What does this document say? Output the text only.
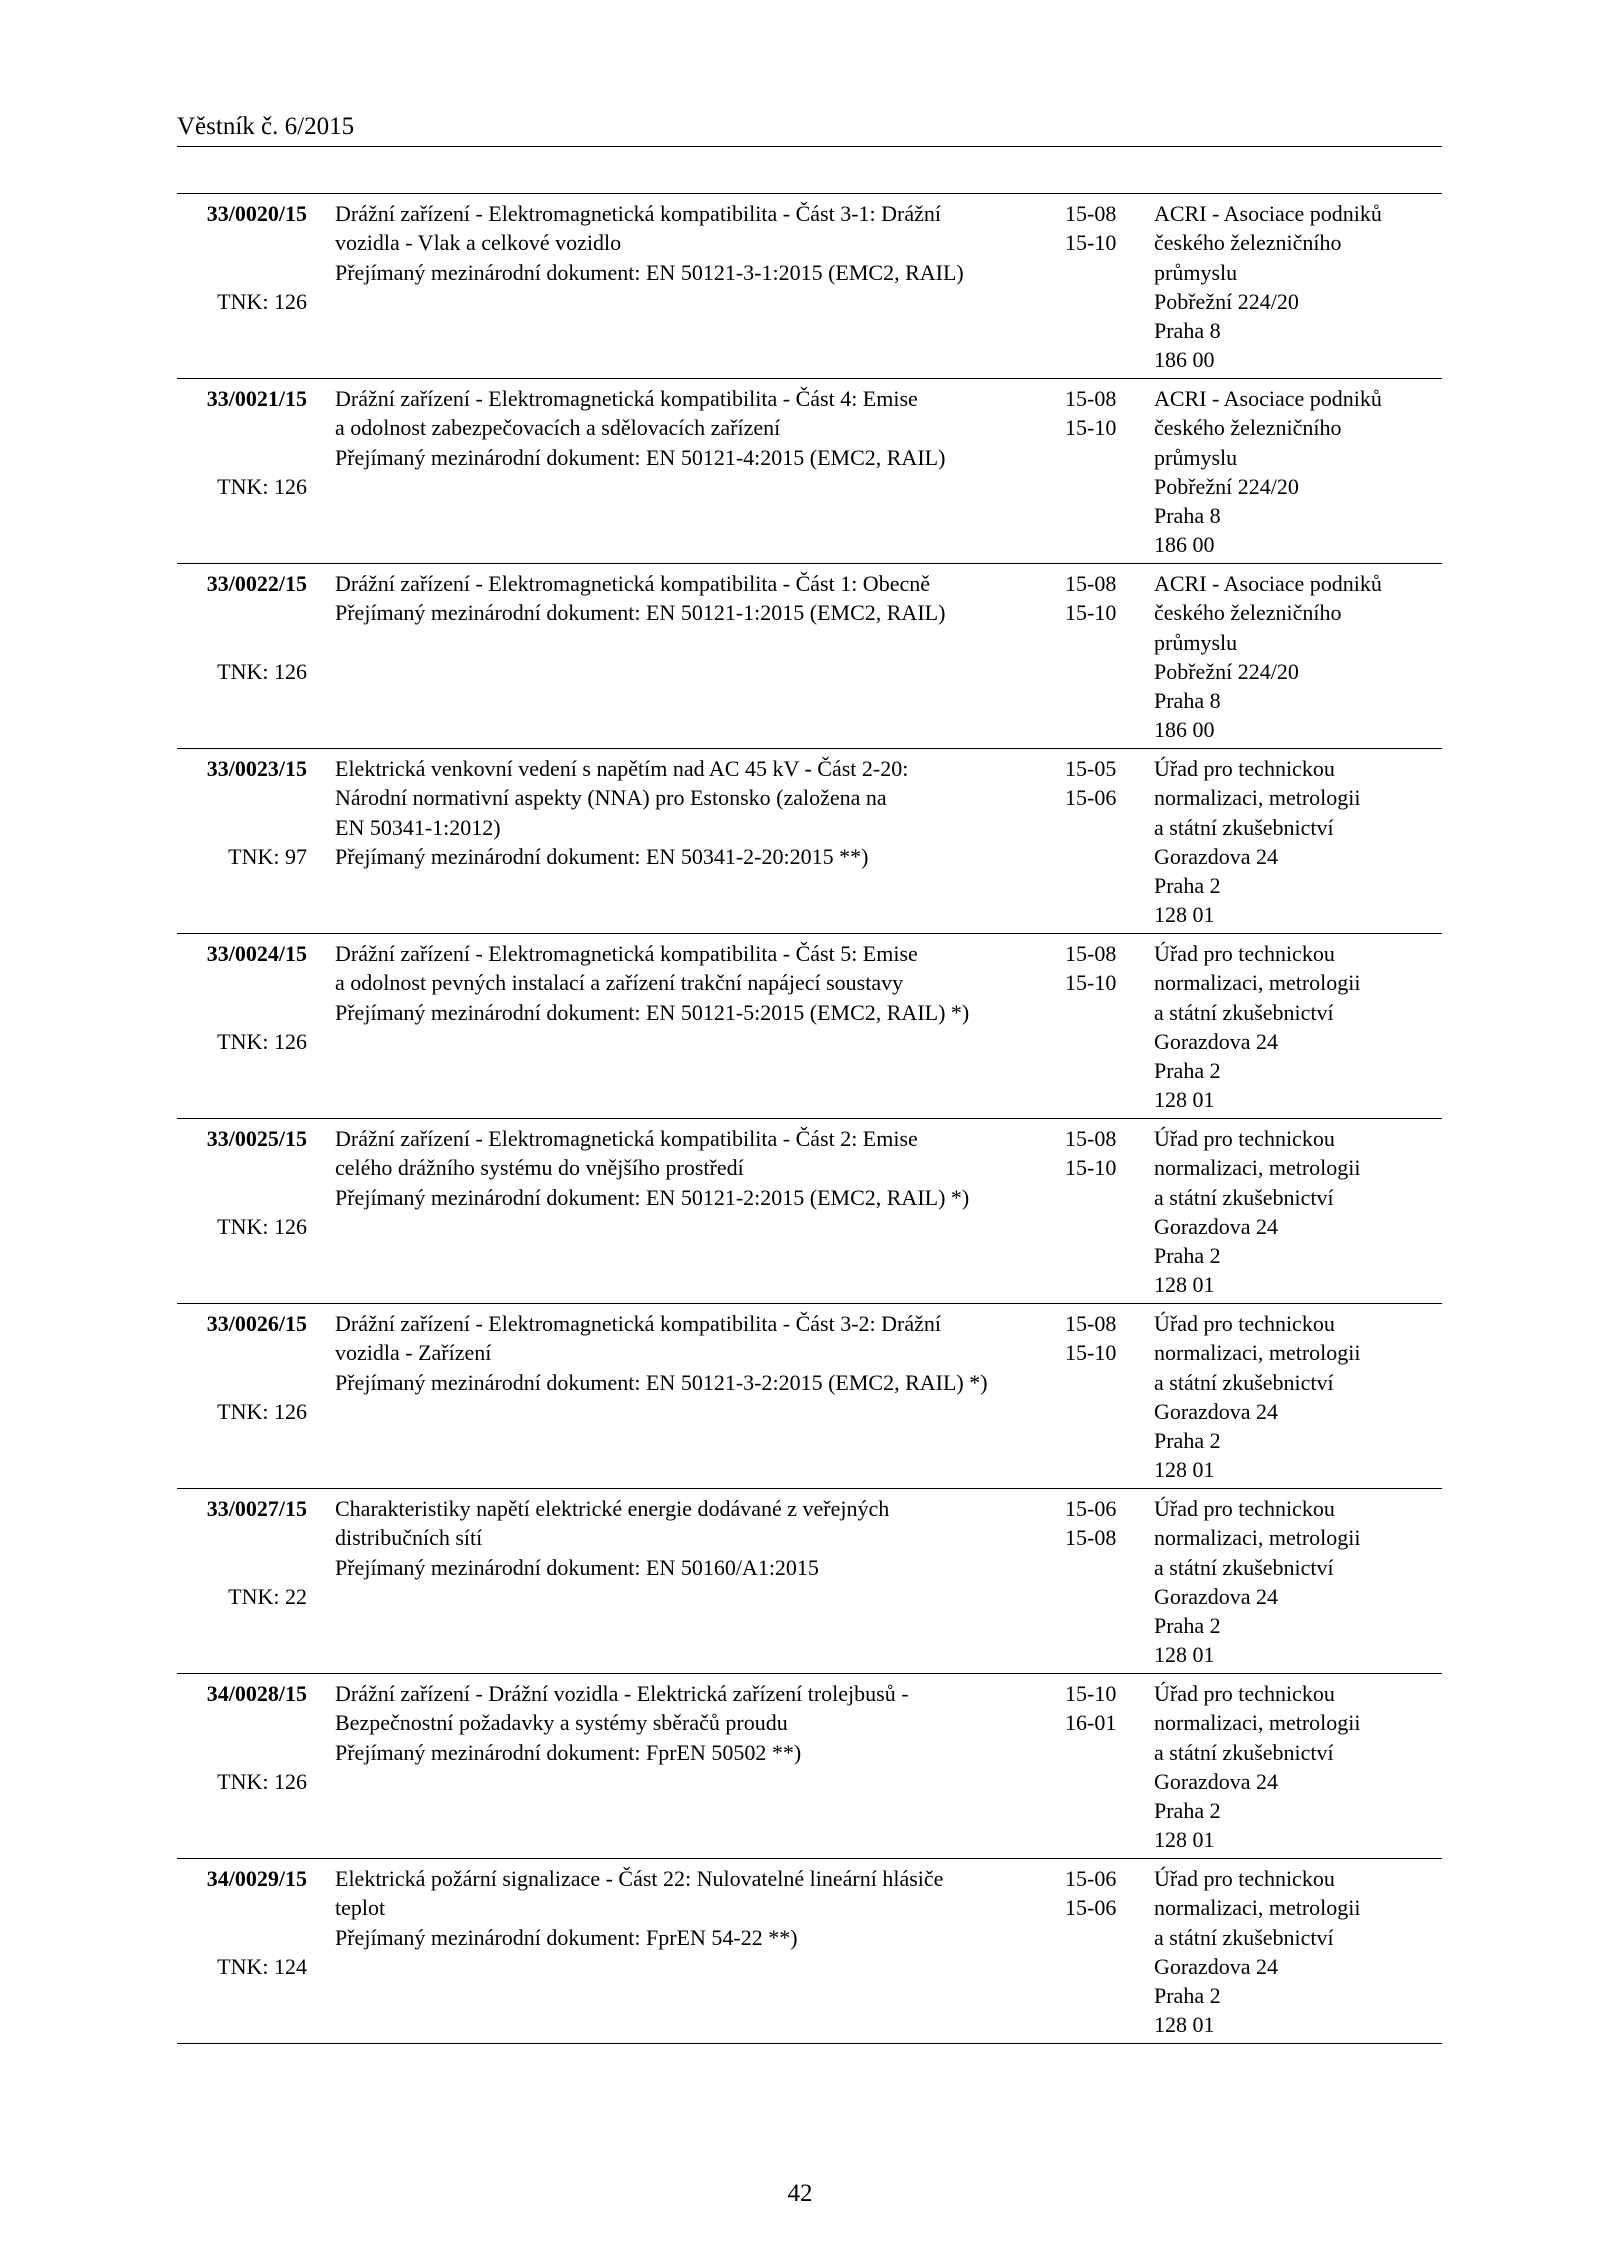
Věstník č. 6/2015
33/0020/15
TNK: 126
Drážní zařízení - Elektromagnetická kompatibilita - Část 3-1: Drážní
vozidla - Vlak a celkové vozidlo
Přejímaný mezinárodní dokument: EN 50121-3-1:2015 (EMC2, RAIL)
15-08
15-10
ACRI - Asociace podniků
českého železničního
průmyslu
Pobřežní 224/20
Praha 8
186 00
33/0021/15
TNK: 126
Drážní zařízení - Elektromagnetická kompatibilita - Část 4: Emise
a odolnost zabezpečovacích a sdělovacích zařízení
Přejímaný mezinárodní dokument: EN 50121-4:2015 (EMC2, RAIL)
15-08
15-10
ACRI - Asociace podniků
českého železničního
průmyslu
Pobřežní 224/20
Praha 8
186 00
33/0022/15
TNK: 126
Drážní zařízení - Elektromagnetická kompatibilita - Část 1: Obecně
Přejímaný mezinárodní dokument: EN 50121-1:2015 (EMC2, RAIL)
15-08
15-10
ACRI - Asociace podniků
českého železničního
průmyslu
Pobřežní 224/20
Praha 8
186 00
33/0023/15
TNK: 97
Elektrická venkovní vedení s napětím nad AC 45 kV - Část 2-20:
Národní normativní aspekty (NNA) pro Estonsko (založena na
EN 50341-1:2012)
Přejímaný mezinárodní dokument: EN 50341-2-20:2015 **)
15-05
15-06
Úřad pro technickou
normalizaci, metrologii
a státní zkušebnictví
Gorazdova 24
Praha 2
128 01
33/0024/15
TNK: 126
Drážní zařízení - Elektromagnetická kompatibilita - Část 5: Emise
a odolnost pevných instalací a zařízení trakční napájecí soustavy
Přejímaný mezinárodní dokument: EN 50121-5:2015 (EMC2, RAIL) *)
15-08
15-10
Úřad pro technickou
normalizaci, metrologii
a státní zkušebnictví
Gorazdova 24
Praha 2
128 01
33/0025/15
TNK: 126
Drážní zařízení - Elektromagnetická kompatibilita - Část 2: Emise
celého drážního systému do vnějšího prostředí
Přejímaný mezinárodní dokument: EN 50121-2:2015 (EMC2, RAIL) *)
15-08
15-10
Úřad pro technickou
normalizaci, metrologii
a státní zkušebnictví
Gorazdova 24
Praha 2
128 01
33/0026/15
TNK: 126
Drážní zařízení - Elektromagnetická kompatibilita - Část 3-2: Drážní
vozidla - Zařízení
Přejímaný mezinárodní dokument: EN 50121-3-2:2015 (EMC2, RAIL) *)
15-08
15-10
Úřad pro technickou
normalizaci, metrologii
a státní zkušebnictví
Gorazdova 24
Praha 2
128 01
33/0027/15
TNK: 22
Charakteristiky napětí elektrické energie dodávané z veřejných
distribučních sítí
Přejímaný mezinárodní dokument: EN 50160/A1:2015
15-06
15-08
Úřad pro technickou
normalizaci, metrologii
a státní zkušebnictví
Gorazdova 24
Praha 2
128 01
34/0028/15
TNK: 126
Drážní zařízení - Drážní vozidla - Elektrická zařízení trolejbusů -
Bezpečnostní požadavky a systémy sběračů proudu
Přejímaný mezinárodní dokument: FprEN 50502 **)
15-10
16-01
Úřad pro technickou
normalizaci, metrologii
a státní zkušebnictví
Gorazdova 24
Praha 2
128 01
34/0029/15
TNK: 124
Elektrická požární signalizace - Část 22: Nulovatelné lineární hlásiče
teplot
Přejímaný mezinárodní dokument: FprEN 54-22 **)
15-06
15-06
Úřad pro technickou
normalizaci, metrologii
a státní zkušebnictví
Gorazdova 24
Praha 2
128 01
42
